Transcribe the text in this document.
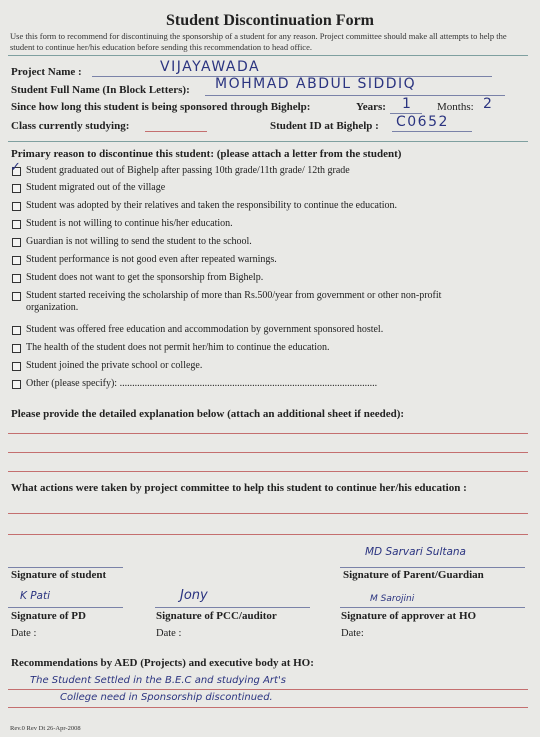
Student Discontinuation Form
Use this form to recommend for discontinuing the sponsorship of a student for any reason. Project committee should make all attempts to help the student to continue her/his education before sending this recommendation to head office.
Project Name :	VIJAYAWADA
Student Full Name (In Block Letters): MOHMAD ABDUL SIDDIQ
Since how long this student is being sponsored through Bighelp:	Years: 1 Months: 2
Class currently studying:	Student ID at Bighelp : C0652
Primary reason to discontinue this student: (please attach a letter from the student)
✓ Student graduated out of Bighelp after passing 10th grade/11th grade/ 12th grade
Student migrated out of the village
Student was adopted by their relatives and taken the responsibility to continue the education.
Student is not willing to continue his/her education.
Guardian is not willing to send the student to the school.
Student performance is not good even after repeated warnings.
Student does not want to get the sponsorship from Bighelp.
Student started receiving the scholarship of more than Rs.500/year from government or other non-profit organization.
Student was offered free education and accommodation by government sponsored hostel.
The health of the student does not permit her/him to continue the education.
Student joined the private school or college.
Other (please specify): .......................................................................................................
Please provide the detailed explanation below (attach an additional sheet if needed):
What actions were taken by project committee to help this student to continue her/his education :
MD Sarvari Sultana
Signature of student	Signature of Parent/Guardian
K Pati	Jony	M Sarojini
Signature of PD	Signature of PCC/auditor	Signature of approver at HO
Date :	Date :	Date:
Recommendations by AED (Projects) and executive body at HO:
The Student Settled in the B.E.C and studying Art's
College need in Sponsorship discontinued.
Rev.0 Rev Dt 26-Apr-2008
